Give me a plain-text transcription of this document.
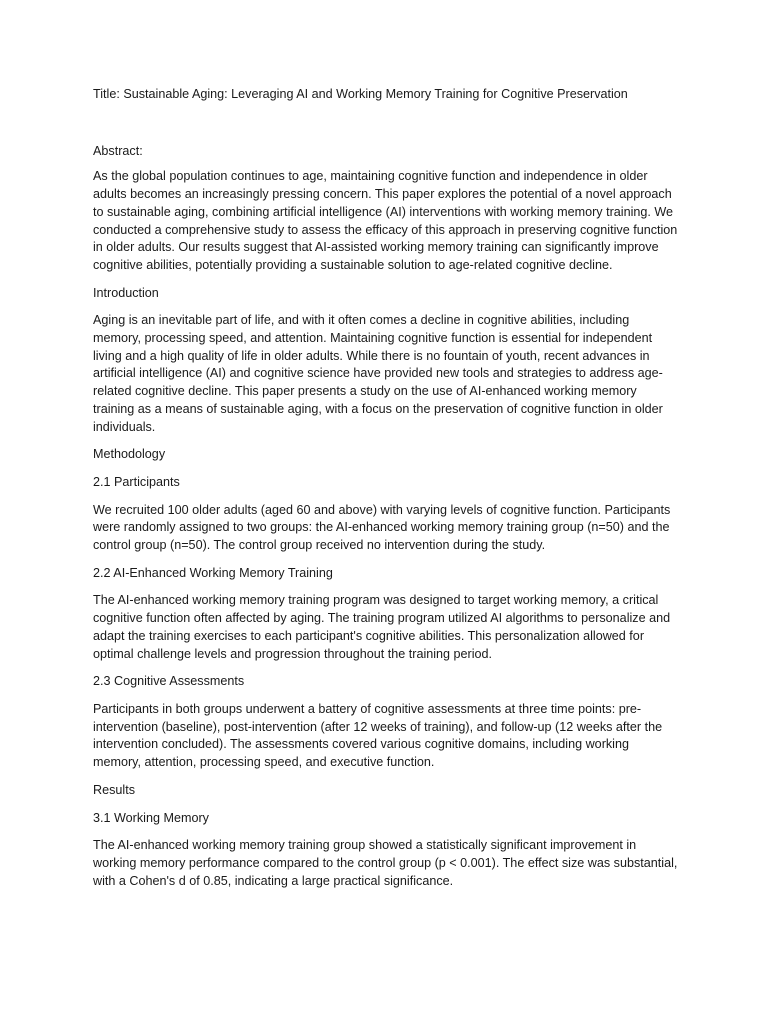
Title: Sustainable Aging: Leveraging AI and Working Memory Training for Cognitive Preservation

Abstract:

As the global population continues to age, maintaining cognitive function and independence in older adults becomes an increasingly pressing concern. This paper explores the potential of a novel approach to sustainable aging, combining artificial intelligence (AI) interventions with working memory training. We conducted a comprehensive study to assess the efficacy of this approach in preserving cognitive function in older adults. Our results suggest that AI-assisted working memory training can significantly improve cognitive abilities, potentially providing a sustainable solution to age-related cognitive decline.

Introduction

Aging is an inevitable part of life, and with it often comes a decline in cognitive abilities, including memory, processing speed, and attention. Maintaining cognitive function is essential for independent living and a high quality of life in older adults. While there is no fountain of youth, recent advances in artificial intelligence (AI) and cognitive science have provided new tools and strategies to address age-related cognitive decline. This paper presents a study on the use of AI-enhanced working memory training as a means of sustainable aging, with a focus on the preservation of cognitive function in older individuals.

Methodology

2.1 Participants

We recruited 100 older adults (aged 60 and above) with varying levels of cognitive function. Participants were randomly assigned to two groups: the AI-enhanced working memory training group (n=50) and the control group (n=50). The control group received no intervention during the study.

2.2 AI-Enhanced Working Memory Training

The AI-enhanced working memory training program was designed to target working memory, a critical cognitive function often affected by aging. The training program utilized AI algorithms to personalize and adapt the training exercises to each participant's cognitive abilities. This personalization allowed for optimal challenge levels and progression throughout the training period.

2.3 Cognitive Assessments

Participants in both groups underwent a battery of cognitive assessments at three time points: pre-intervention (baseline), post-intervention (after 12 weeks of training), and follow-up (12 weeks after the intervention concluded). The assessments covered various cognitive domains, including working memory, attention, processing speed, and executive function.

Results

3.1 Working Memory

The AI-enhanced working memory training group showed a statistically significant improvement in working memory performance compared to the control group (p < 0.001). The effect size was substantial, with a Cohen's d of 0.85, indicating a large practical significance.
